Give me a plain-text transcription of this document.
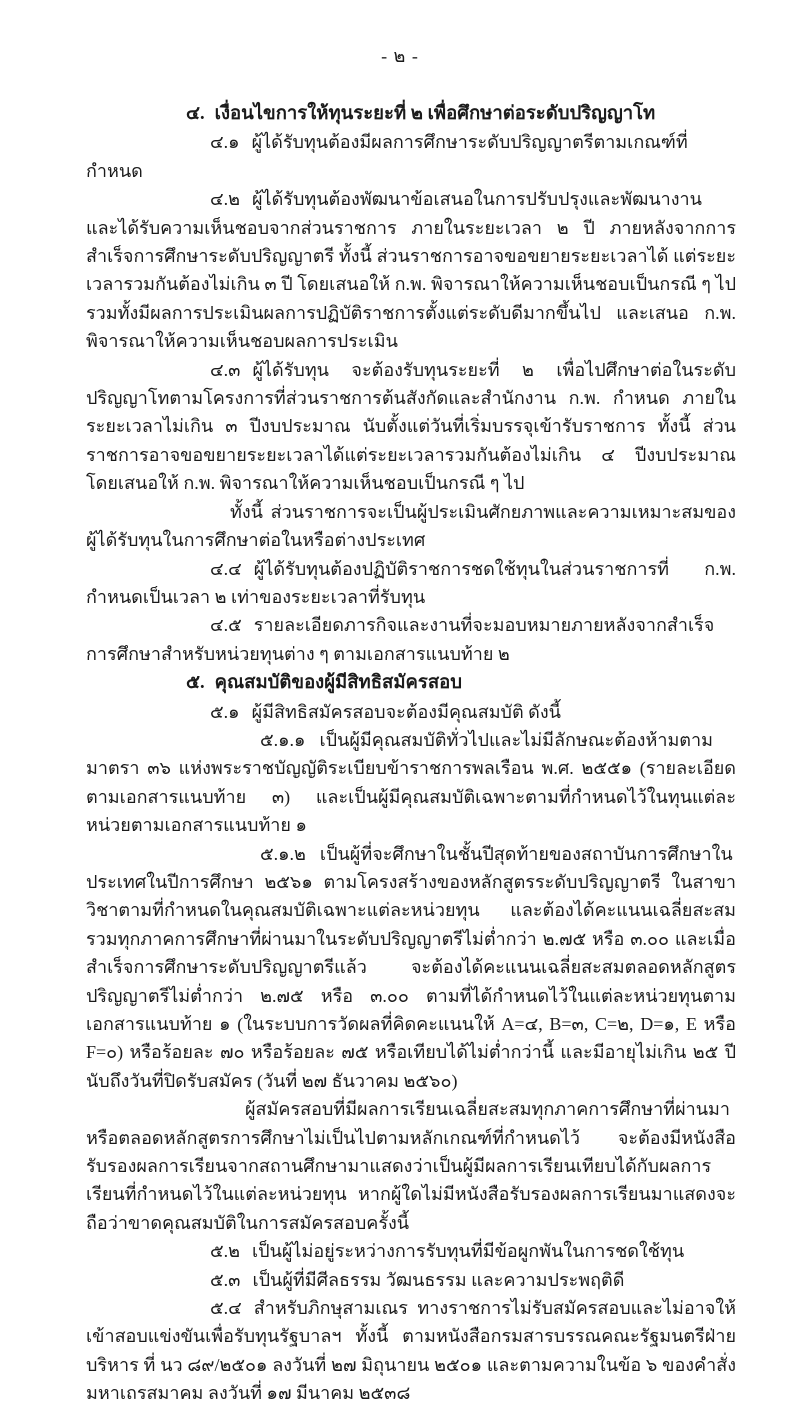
- ๒ -
๔. เงื่อนไขการให้ทุนระยะที่ ๒ เพื่อศึกษาต่อระดับปริญญาโท

๔.๑ ผู้ได้รับทุนต้องมีผลการศึกษาระดับปริญญาตรีตามเกณฑ์ที่กำหนด

๔.๒ ผู้ได้รับทุนต้องพัฒนาข้อเสนอในการปรับปรุงและพัฒนางาน และได้รับความเห็นชอบจากส่วนราชการ ภายในระยะเวลา ๒ ปี ภายหลังจากการสำเร็จการศึกษาระดับปริญญาตรี ทั้งนี้ ส่วนราชการอาจขอขยายระยะเวลาได้ แต่ระยะเวลารวมกันต้องไม่เกิน ๓ ปี โดยเสนอให้ ก.พ. พิจารณาให้ความเห็นชอบเป็นกรณี ๆ ไป รวมทั้งมีผลการประเมินผลการปฏิบัติราชการตั้งแต่ระดับดีมากขึ้นไป และเสนอ ก.พ. พิจารณาให้ความเห็นชอบผลการประเมิน

๔.๓ ผู้ได้รับทุน จะต้องรับทุนระยะที่ ๒ เพื่อไปศึกษาต่อในระดับปริญญาโทตามโครงการที่ส่วนราชการต้นสังกัดและสำนักงาน ก.พ. กำหนด ภายในระยะเวลาไม่เกิน ๓ ปีงบประมาณ นับตั้งแต่วันที่เริ่มบรรจุเข้ารับราชการ ทั้งนี้ ส่วนราชการอาจขอขยายระยะเวลาได้แต่ระยะเวลารวมกันต้องไม่เกิน ๔ ปีงบประมาณ โดยเสนอให้ ก.พ. พิจารณาให้ความเห็นชอบเป็นกรณี ๆ ไป

ทั้งนี้ ส่วนราชการจะเป็นผู้ประเมินศักยภาพและความเหมาะสมของผู้ได้รับทุนในการศึกษาต่อในหรือต่างประเทศ

๔.๔ ผู้ได้รับทุนต้องปฏิบัติราชการชดใช้ทุนในส่วนราชการที่ ก.พ. กำหนดเป็นเวลา ๒ เท่าของระยะเวลาที่รับทุน

๔.๕ รายละเอียดภารกิจและงานที่จะมอบหมายภายหลังจากสำเร็จการศึกษาสำหรับหน่วยทุนต่าง ๆ ตามเอกสารแนบท้าย ๒

๕. คุณสมบัติของผู้มีสิทธิสมัครสอบ

๕.๑ ผู้มีสิทธิสมัครสอบจะต้องมีคุณสมบัติ ดังนี้

๕.๑.๑ เป็นผู้มีคุณสมบัติทั่วไปและไม่มีลักษณะต้องห้ามตามมาตรา ๓๖ แห่งพระราชบัญญัติระเบียบข้าราชการพลเรือน พ.ศ. ๒๕๕๑ (รายละเอียดตามเอกสารแนบท้าย ๓) และเป็นผู้มีคุณสมบัติเฉพาะตามที่กำหนดไว้ในทุนแต่ละหน่วยตามเอกสารแนบท้าย ๑

๕.๑.๒ เป็นผู้ที่จะศึกษาในชั้นปีสุดท้ายของสถาบันการศึกษาในประเทศในปีการศึกษา ๒๕๖๑ ตามโครงสร้างของหลักสูตรระดับปริญญาตรี ในสาขาวิชาตามที่กำหนดในคุณสมบัติเฉพาะแต่ละหน่วยทุน และต้องได้คะแนนเฉลี่ยสะสมรวมทุกภาคการศึกษาที่ผ่านมาในระดับปริญญาตรีไม่ต่ำกว่า ๒.๗๕ หรือ ๓.๐๐ และเมื่อสำเร็จการศึกษาระดับปริญญาตรีแล้ว จะต้องได้คะแนนเฉลี่ยสะสมตลอดหลักสูตรปริญญาตรีไม่ต่ำกว่า ๒.๗๕ หรือ ๓.๐๐ ตามที่ได้กำหนดไว้ในแต่ละหน่วยทุนตามเอกสารแนบท้าย ๑ (ในระบบการวัดผลที่คิดคะแนนให้ A=๔, B=๓, C=๒, D=๑, E หรือ F=๐) หรือร้อยละ ๗๐ หรือร้อยละ ๗๕ หรือเทียบได้ไม่ต่ำกว่านี้ และมีอายุไม่เกิน ๒๕ ปี นับถึงวันที่ปิดรับสมัคร (วันที่ ๒๗ ธันวาคม ๒๕๖๐)

ผู้สมัครสอบที่มีผลการเรียนเฉลี่ยสะสมทุกภาคการศึกษาที่ผ่านมา หรือตลอดหลักสูตรการศึกษาไม่เป็นไปตามหลักเกณฑ์ที่กำหนดไว้ จะต้องมีหนังสือรับรองผลการเรียนจากสถานศึกษามาแสดงว่าเป็นผู้มีผลการเรียนเทียบได้กับผลการเรียนที่กำหนดไว้ในแต่ละหน่วยทุน หากผู้ใดไม่มีหนังสือรับรองผลการเรียนมาแสดงจะถือว่าขาดคุณสมบัติในการสมัครสอบครั้งนี้

๕.๒ เป็นผู้ไม่อยู่ระหว่างการรับทุนที่มีข้อผูกพันในการชดใช้ทุน

๕.๓ เป็นผู้ที่มีศีลธรรม วัฒนธรรม และความประพฤติดี

๕.๔ สำหรับภิกษุสามเณร ทางราชการไม่รับสมัครสอบและไม่อาจให้เข้าสอบแข่งขันเพื่อรับทุนรัฐบาลฯ ทั้งนี้ ตามหนังสือกรมสารบรรณคณะรัฐมนตรีฝ่ายบริหาร ที่ นว ๘๙/๒๕๐๑ ลงวันที่ ๒๗ มิถุนายน ๒๕๐๑ และตามความในข้อ ๖ ของคำสั่งมหาเถรสมาคม ลงวันที่ ๑๗ มีนาคม ๒๕๓๘
